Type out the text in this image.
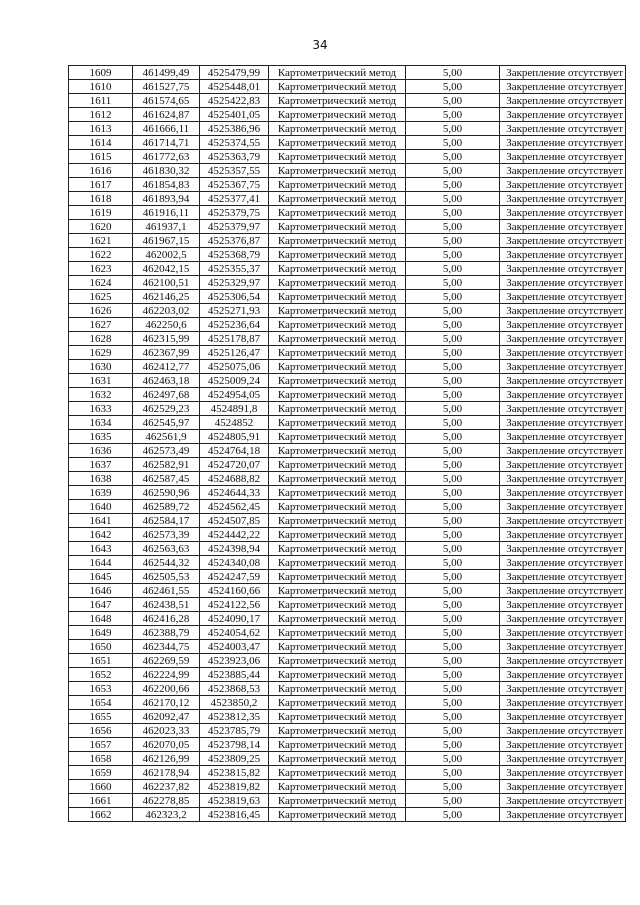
34
1609	461499,49	4525479,99	Картометрический метод	5,00	Закрепление отсутствует
1610	461527,75	4525448,01	Картометрический метод	5,00	Закрепление отсутствует
1611	461574,65	4525422,83	Картометрический метод	5,00	Закрепление отсутствует
1612	461624,87	4525401,05	Картометрический метод	5,00	Закрепление отсутствует
1613	461666,11	4525386,96	Картометрический метод	5,00	Закрепление отсутствует
1614	461714,71	4525374,55	Картометрический метод	5,00	Закрепление отсутствует
1615	461772,63	4525363,79	Картометрический метод	5,00	Закрепление отсутствует
1616	461830,32	4525357,55	Картометрический метод	5,00	Закрепление отсутствует
1617	461854,83	4525367,75	Картометрический метод	5,00	Закрепление отсутствует
1618	461893,94	4525377,41	Картометрический метод	5,00	Закрепление отсутствует
1619	461916,11	4525379,75	Картометрический метод	5,00	Закрепление отсутствует
1620	461937,1	4525379,97	Картометрический метод	5,00	Закрепление отсутствует
1621	461967,15	4525376,87	Картометрический метод	5,00	Закрепление отсутствует
1622	462002,5	4525368,79	Картометрический метод	5,00	Закрепление отсутствует
1623	462042,15	4525355,37	Картометрический метод	5,00	Закрепление отсутствует
1624	462100,51	4525329,97	Картометрический метод	5,00	Закрепление отсутствует
1625	462146,25	4525306,54	Картометрический метод	5,00	Закрепление отсутствует
1626	462203,02	4525271,93	Картометрический метод	5,00	Закрепление отсутствует
1627	462250,6	4525236,64	Картометрический метод	5,00	Закрепление отсутствует
1628	462315,99	4525178,87	Картометрический метод	5,00	Закрепление отсутствует
1629	462367,99	4525126,47	Картометрический метод	5,00	Закрепление отсутствует
1630	462412,77	4525075,06	Картометрический метод	5,00	Закрепление отсутствует
1631	462463,18	4525009,24	Картометрический метод	5,00	Закрепление отсутствует
1632	462497,68	4524954,05	Картометрический метод	5,00	Закрепление отсутствует
1633	462529,23	4524891,8	Картометрический метод	5,00	Закрепление отсутствует
1634	462545,97	4524852	Картометрический метод	5,00	Закрепление отсутствует
1635	462561,9	4524805,91	Картометрический метод	5,00	Закрепление отсутствует
1636	462573,49	4524764,18	Картометрический метод	5,00	Закрепление отсутствует
1637	462582,91	4524720,07	Картометрический метод	5,00	Закрепление отсутствует
1638	462587,45	4524688,82	Картометрический метод	5,00	Закрепление отсутствует
1639	462590,96	4524644,33	Картометрический метод	5,00	Закрепление отсутствует
1640	462589,72	4524562,45	Картометрический метод	5,00	Закрепление отсутствует
1641	462584,17	4524507,85	Картометрический метод	5,00	Закрепление отсутствует
1642	462573,39	4524442,22	Картометрический метод	5,00	Закрепление отсутствует
1643	462563,63	4524398,94	Картометрический метод	5,00	Закрепление отсутствует
1644	462544,32	4524340,08	Картометрический метод	5,00	Закрепление отсутствует
1645	462505,53	4524247,59	Картометрический метод	5,00	Закрепление отсутствует
1646	462461,55	4524160,66	Картометрический метод	5,00	Закрепление отсутствует
1647	462438,51	4524122,56	Картометрический метод	5,00	Закрепление отсутствует
1648	462416,28	4524090,17	Картометрический метод	5,00	Закрепление отсутствует
1649	462388,79	4524054,62	Картометрический метод	5,00	Закрепление отсутствует
1650	462344,75	4524003,47	Картометрический метод	5,00	Закрепление отсутствует
1651	462269,59	4523923,06	Картометрический метод	5,00	Закрепление отсутствует
1652	462224,99	4523885,44	Картометрический метод	5,00	Закрепление отсутствует
1653	462200,66	4523868,53	Картометрический метод	5,00	Закрепление отсутствует
1654	462170,12	4523850,2	Картометрический метод	5,00	Закрепление отсутствует
1655	462092,47	4523812,35	Картометрический метод	5,00	Закрепление отсутствует
1656	462023,33	4523785,79	Картометрический метод	5,00	Закрепление отсутствует
1657	462070,05	4523798,14	Картометрический метод	5,00	Закрепление отсутствует
1658	462126,99	4523809,25	Картометрический метод	5,00	Закрепление отсутствует
1659	462178,94	4523815,82	Картометрический метод	5,00	Закрепление отсутствует
1660	462237,82	4523819,82	Картометрический метод	5,00	Закрепление отсутствует
1661	462278,85	4523819,63	Картометрический метод	5,00	Закрепление отсутствует
1662	462323,2	4523816,45	Картометрический метод	5,00	Закрепление отсутствует
